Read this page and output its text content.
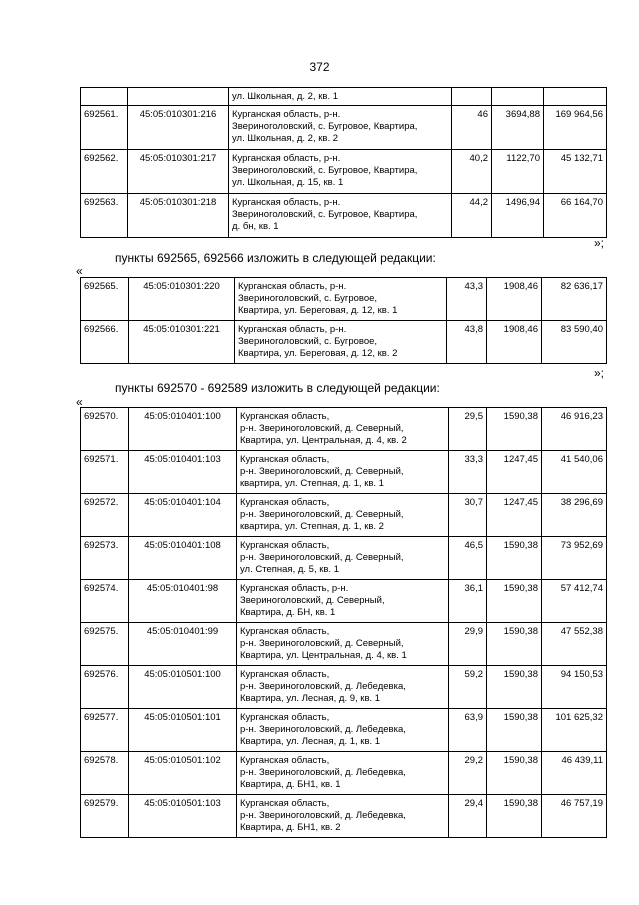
372
		ул. Школьная, д. 2, кв. 1			
692561.	45:05:010301:216	Курганская область, р-н.
Звериноголовский, с. Бугровое, Квартира,
ул. Школьная, д. 2, кв. 2	46	3694,88	169 964,56
692562.	45:05:010301:217	Курганская область, р-н.
Звериноголовский, с. Бугровое, Квартира,
ул. Школьная, д. 15, кв. 1	40,2	1122,70	45 132,71
692563.	45:05:010301:218	Курганская область, р-н.
Звериноголовский, с. Бугровое, Квартира,
д. бн, кв. 1	44,2	1496,94	66 164,70
»;
пункты 692565, 692566 изложить в следующей редакции:
«
692565.	45:05:010301:220	Курганская область, р-н.
Звериноголовский, с. Бугровое,
Квартира, ул. Береговая, д. 12, кв. 1	43,3	1908,46	82 636,17
692566.	45:05:010301:221	Курганская область, р-н.
Звериноголовский, с. Бугровое,
Квартира, ул. Береговая, д. 12, кв. 2	43,8	1908,46	83 590,40
»;
пункты 692570 - 692589 изложить в следующей редакции:
«
692570.	45:05:010401:100	Курганская область,
р-н. Звериноголовский, д. Северный,
Квартира, ул. Центральная, д. 4, кв. 2	29,5	1590,38	46 916,23
692571.	45:05:010401:103	Курганская область,
р-н. Звериноголовский, д. Северный,
квартира, ул. Степная, д. 1, кв. 1	33,3	1247,45	41 540,06
692572.	45:05:010401:104	Курганская область,
р-н. Звериноголовский, д. Северный,
квартира, ул. Степная, д. 1, кв. 2	30,7	1247,45	38 296,69
692573.	45:05:010401:108	Курганская область,
р-н. Звериноголовский, д. Северный,
ул. Степная, д. 5, кв. 1	46,5	1590,38	73 952,69
692574.	45:05:010401:98	Курганская область, р-н.
Звериноголовский, д. Северный,
Квартира, д. БН, кв. 1	36,1	1590,38	57 412,74
692575.	45:05:010401:99	Курганская область,
р-н. Звериноголовский, д. Северный,
Квартира, ул. Центральная, д. 4, кв. 1	29,9	1590,38	47 552,38
692576.	45:05:010501:100	Курганская область,
р-н. Звериноголовский, д. Лебедевка,
Квартира, ул. Лесная, д. 9, кв. 1	59,2	1590,38	94 150,53
692577.	45:05:010501:101	Курганская область,
р-н. Звериноголовский, д. Лебедевка,
Квартира, ул. Лесная, д. 1, кв. 1	63,9	1590,38	101 625,32
692578.	45:05:010501:102	Курганская область,
р-н. Звериноголовский, д. Лебедевка,
Квартира, д. БН1, кв. 1	29,2	1590,38	46 439,11
692579.	45:05:010501:103	Курганская область,
р-н. Звериноголовский, д. Лебедевка,
Квартира, д. БН1, кв. 2	29,4	1590,38	46 757,19
